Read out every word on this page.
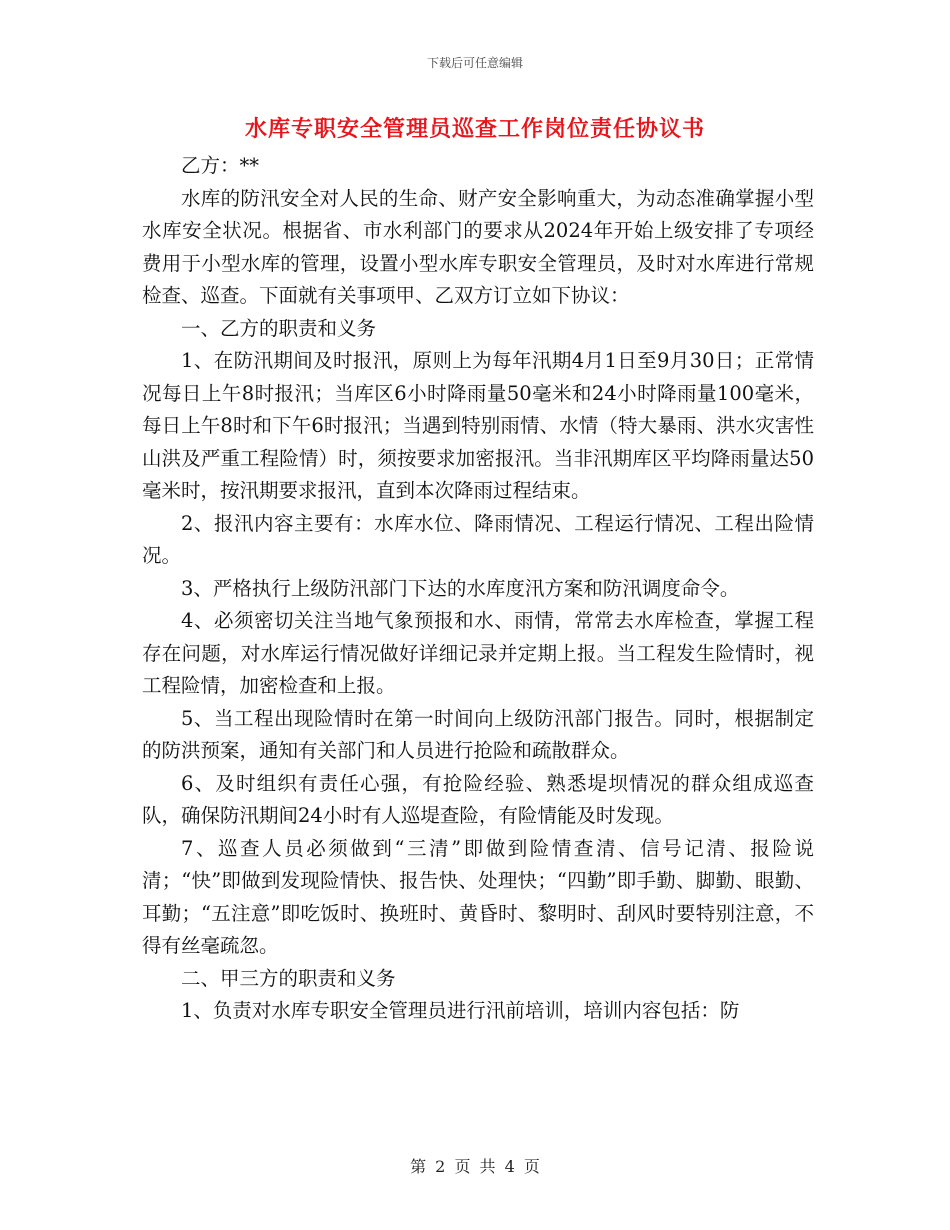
下载后可任意编辑
水库专职安全管理员巡查工作岗位责任协议书

乙方：**

水库的防汛安全对人民的生命、财产安全影响重大，为动态准确掌握小型水库安全状况。根据省、市水利部门的要求从2024年开始上级安排了专项经费用于小型水库的管理，设置小型水库专职安全管理员，及时对水库进行常规检查、巡查。下面就有关事项甲、乙双方订立如下协议：

一、乙方的职责和义务

1、在防汛期间及时报汛，原则上为每年汛期4月1日至9月30日；正常情况每日上午8时报汛；当库区6小时降雨量50毫米和24小时降雨量100毫米，每日上午8时和下午6时报汛；当遇到特别雨情、水情（特大暴雨、洪水灾害性山洪及严重工程险情）时，须按要求加密报汛。当非汛期库区平均降雨量达50毫米时，按汛期要求报汛，直到本次降雨过程结束。

2、报汛内容主要有：水库水位、降雨情况、工程运行情况、工程出险情况。

3、严格执行上级防汛部门下达的水库度汛方案和防汛调度命令。

4、必须密切关注当地气象预报和水、雨情，常常去水库检查，掌握工程存在问题，对水库运行情况做好详细记录并定期上报。当工程发生险情时，视工程险情，加密检查和上报。

5、当工程出现险情时在第一时间向上级防汛部门报告。同时，根据制定的防洪预案，通知有关部门和人员进行抢险和疏散群众。

6、及时组织有责任心强，有抢险经验、熟悉堤坝情况的群众组成巡查队，确保防汛期间24小时有人巡堤查险，有险情能及时发现。

7、巡查人员必须做到“三清”即做到险情查清、信号记清、报险说清；“快”即做到发现险情快、报告快、处理快；“四勤”即手勤、脚勤、眼勤、耳勤；“五注意”即吃饭时、换班时、黄昏时、黎明时、刮风时要特别注意，不得有丝毫疏忽。

二、甲三方的职责和义务

1、负责对水库专职安全管理员进行汛前培训，培训内容包括：防

第 2 页 共 4 页
